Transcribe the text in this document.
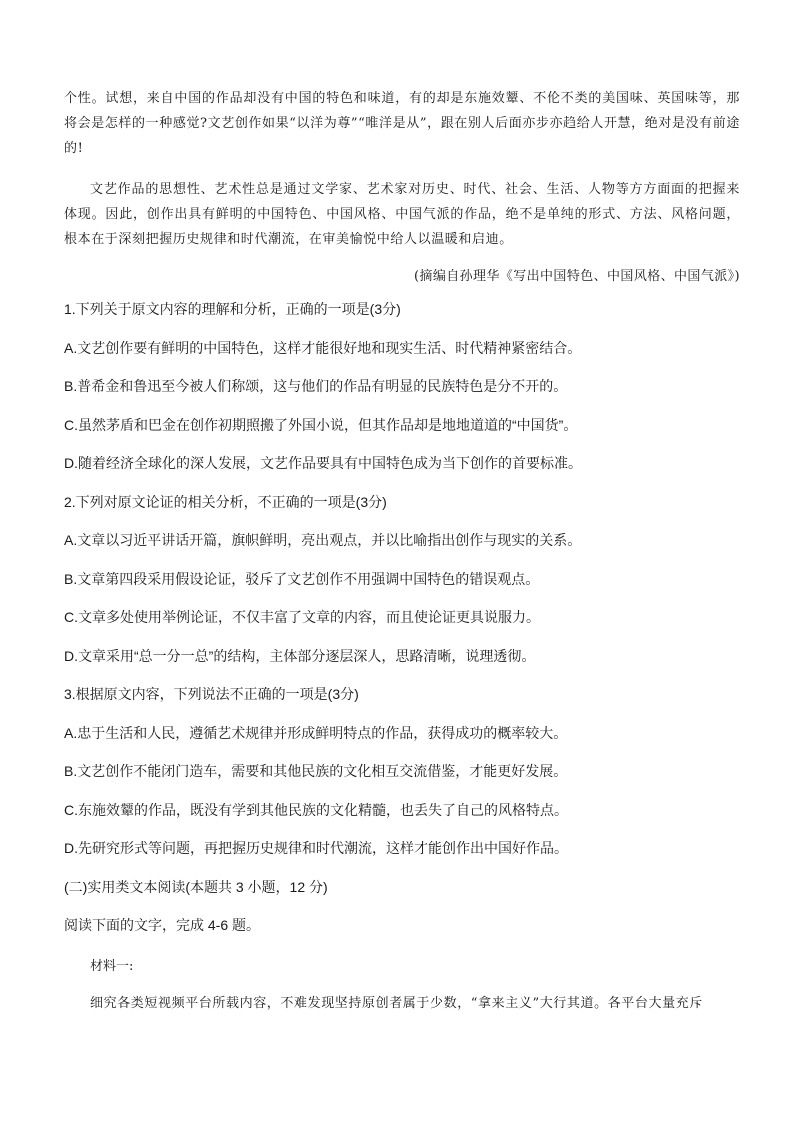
个性。试想，来自中国的作品却没有中国的特色和味道，有的却是东施效颦、不伦不类的美国味、英国味等，那将会是怎样的一种感觉?文艺创作如果“以洋为尊”“唯洋是从”，跟在别人后面亦步亦趋给人开慧，绝对是没有前途的!

文艺作品的思想性、艺术性总是通过文学家、艺术家对历史、时代、社会、生活、人物等方方面面的把握来体现。因此，创作出具有鲜明的中国特色、中国风格、中国气派的作品，绝不是单纯的形式、方法、风格问题，根本在于深刻把握历史规律和时代潮流，在审美愉悦中给人以温暖和启迪。

(摘编自孙理华《写出中国特色、中国风格、中国气派》)

1.下列关于原文内容的理解和分析，正确的一项是(3分)

A.文艺创作要有鲜明的中国特色，这样才能很好地和现实生活、时代精神紧密结合。

B.普希金和鲁迅至今被人们称颂，这与他们的作品有明显的民族特色是分不开的。

C.虽然茅盾和巴金在创作初期照搬了外国小说，但其作品却是地地道道的“中国货”。

D.随着经济全球化的深人发展，文艺作品要具有中国特色成为当下创作的首要标准。

2.下列对原文论证的相关分析，不正确的一项是(3分)

A.文章以习近平讲话开篇，旗帜鲜明，亮出观点，并以比喻指出创作与现实的关系。

B.文章第四段采用假设论证，驳斥了文艺创作不用强调中国特色的错误观点。

C.文章多处使用举例论证，不仅丰富了文章的内容，而且使论证更具说服力。

D.文章采用“总一分一总”的结构，主体部分逐层深人，思路清晰，说理透彻。

3.根据原文内容，下列说法不正确的一项是(3分)

A.忠于生活和人民，遵循艺术规律并形成鲜明特点的作品，获得成功的概率较大。

B.文艺创作不能闭门造车，需要和其他民族的文化相互交流借鉴，才能更好发展。

C.东施效颦的作品，既没有学到其他民族的文化精髓，也丢失了自己的风格特点。

D.先研究形式等问题，再把握历史规律和时代潮流，这样才能创作出中国好作品。

(二)实用类文本阅读(本题共 3 小题，12 分)

阅读下面的文字，完成 4-6 题。

材料一:

细究各类短视频平台所载内容，不难发现坚持原创者属于少数，“拿来主义”大行其道。各平台大量充斥
